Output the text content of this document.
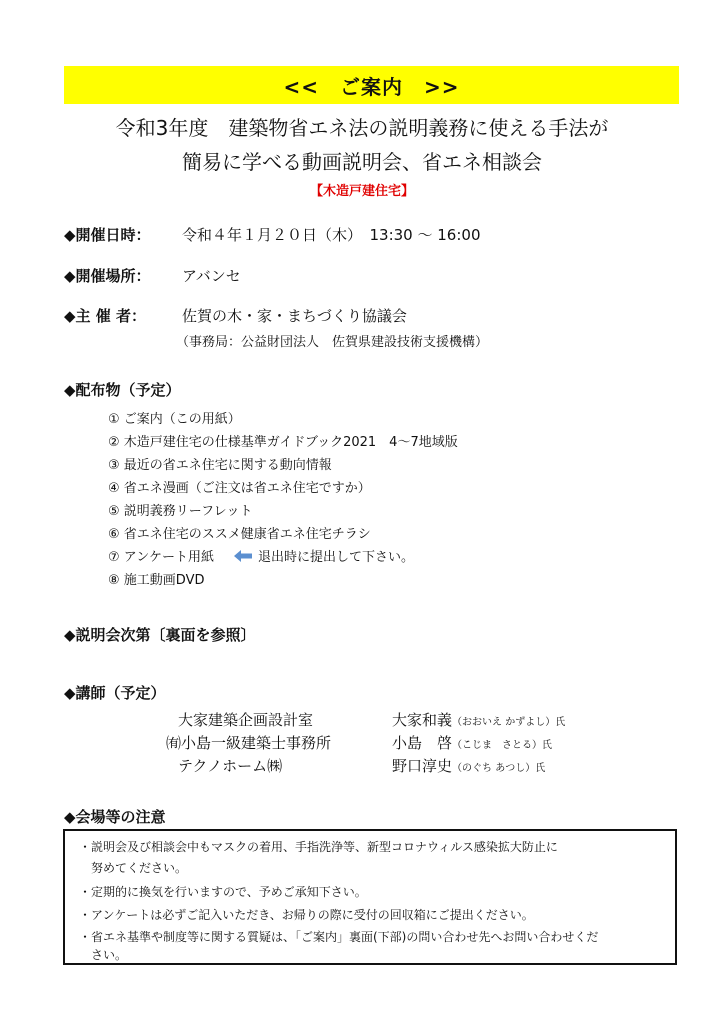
<<　ご案内　>>
令和3年度　建築物省エネ法の説明義務に使える手法が
簡易に学べる動画説明会、省エネ相談会
【木造戸建住宅】
◆開催日時： 令和４年１月２０日（木）　13:30 〜 16:00
◆開催場所： アバンセ
◆主 催 者： 佐賀の木・家・まちづくり協議会
（事務局：公益財団法人　佐賀県建設技術支援機構）
◆配布物（予定）
① ご案内（この用紙）
② 木造戸建住宅の仕様基準ガイドブック2021　4〜7地域版
③ 最近の省エネ住宅に関する動向情報
④ 省エネ漫画（ご注文は省エネ住宅ですか）
⑤ 説明義務リーフレット
⑥ 省エネ住宅のススメ健康省エネ住宅チラシ
⑦ アンケート用紙	退出時に提出して下さい。
⑧ 施工動画DVD
◆説明会次第〔裏面を参照〕
◆講師（予定）
大家建築企画設計室	大家和義（おおいえ かずよし）氏
㈲小島一級建築士事務所	小島　啓（こじま　さとる）氏
テクノホーム㈱	野口淳史（のぐち あつし）氏
◆会場等の注意
・説明会及び相談会中もマスクの着用、手指洗浄等、新型コロナウィルス感染拡大防止に
　努めてください。
・定期的に換気を行いますので、予めご承知下さい。
・アンケートは必ずご記入いただき、お帰りの際に受付の回収箱にご提出ください。
・省エネ基準や制度等に関する質疑は、「ご案内」裏面(下部)の問い合わせ先へお問い合わせくだ
　さい。
